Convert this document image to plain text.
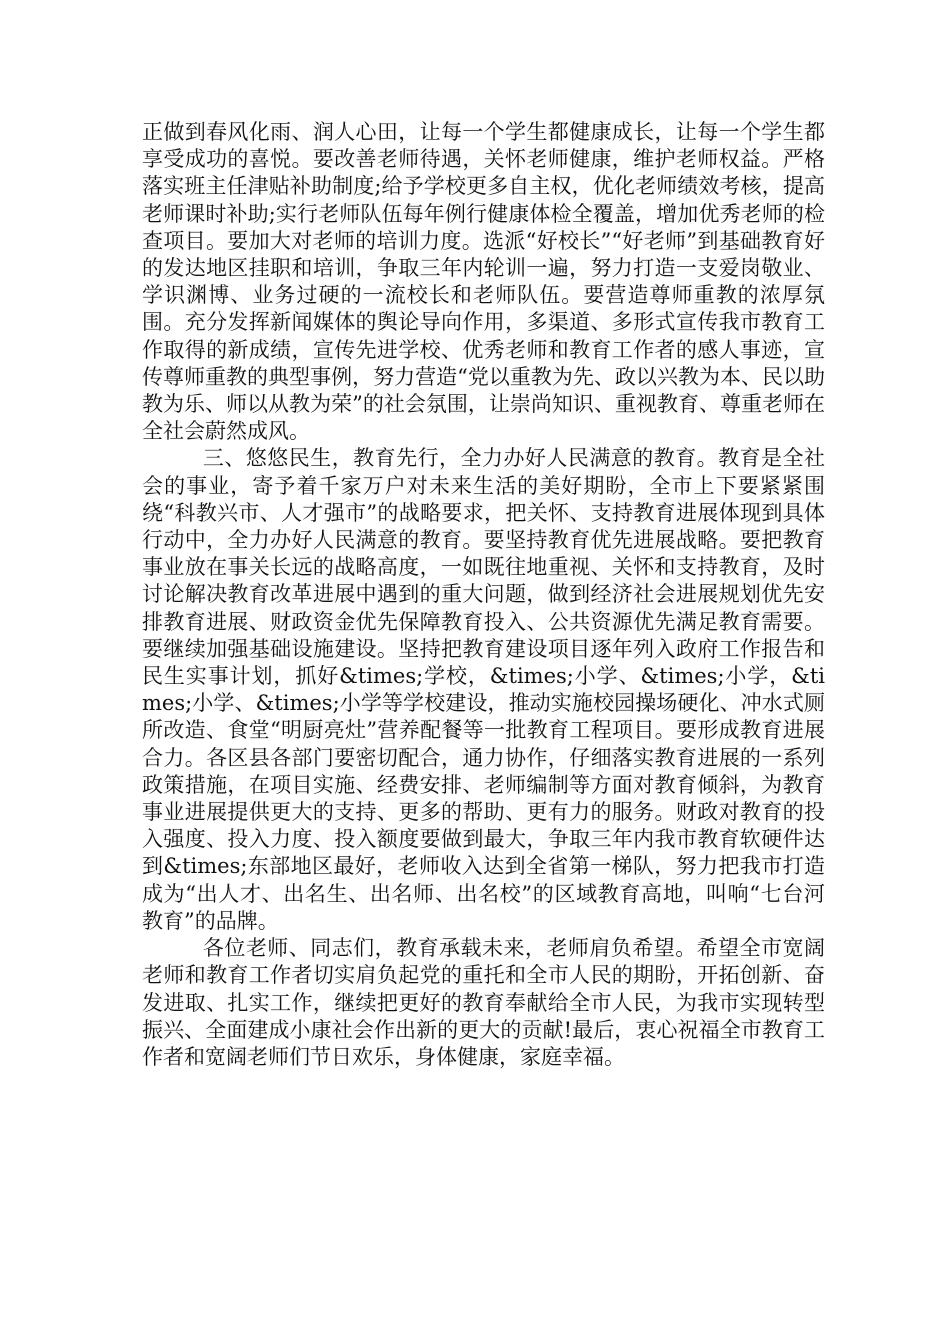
正做到春风化雨、润人心田，让每一个学生都健康成长，让每一个学生都享受成功的喜悦。要改善老师待遇，关怀老师健康，维护老师权益。严格落实班主任津贴补助制度;给予学校更多自主权，优化老师绩效考核，提高老师课时补助;实行老师队伍每年例行健康体检全覆盖，增加优秀老师的检查项目。要加大对老师的培训力度。选派“好校长”“好老师”到基础教育好的发达地区挂职和培训，争取三年内轮训一遍，努力打造一支爱岗敬业、学识渊博、业务过硬的一流校长和老师队伍。要营造尊师重教的浓厚氛围。充分发挥新闻媒体的舆论导向作用，多渠道、多形式宣传我市教育工作取得的新成绩，宣传先进学校、优秀老师和教育工作者的感人事迹，宣传尊师重教的典型事例，努力营造“党以重教为先、政以兴教为本、民以助教为乐、师以从教为荣”的社会氛围，让崇尚知识、重视教育、尊重老师在全社会蔚然成风。

三、悠悠民生，教育先行，全力办好人民满意的教育。教育是全社会的事业，寄予着千家万户对未来生活的美好期盼，全市上下要紧紧围绕“科教兴市、人才强市”的战略要求，把关怀、支持教育进展体现到具体行动中，全力办好人民满意的教育。要坚持教育优先进展战略。要把教育事业放在事关长远的战略高度，一如既往地重视、关怀和支持教育，及时讨论解决教育改革进展中遇到的重大问题，做到经济社会进展规划优先安排教育进展、财政资金优先保障教育投入、公共资源优先满足教育需要。要继续加强基础设施建设。坚持把教育建设项目逐年列入政府工作报告和民生实事计划，抓好&times;学校，&times;小学、&times;小学，&times;小学、&times;小学等学校建设，推动实施校园操场硬化、冲水式厕所改造、食堂“明厨亮灶”营养配餐等一批教育工程项目。要形成教育进展合力。各区县各部门要密切配合，通力协作，仔细落实教育进展的一系列政策措施，在项目实施、经费安排、老师编制等方面对教育倾斜，为教育事业进展提供更大的支持、更多的帮助、更有力的服务。财政对教育的投入强度、投入力度、投入额度要做到最大，争取三年内我市教育软硬件达到&times;东部地区最好，老师收入达到全省第一梯队，努力把我市打造成为“出人才、出名生、出名师、出名校”的区域教育高地，叫响“七台河教育”的品牌。

各位老师、同志们，教育承载未来，老师肩负希望。希望全市宽阔老师和教育工作者切实肩负起党的重托和全市人民的期盼，开拓创新、奋发进取、扎实工作，继续把更好的教育奉献给全市人民，为我市实现转型振兴、全面建成小康社会作出新的更大的贡献!最后，衷心祝福全市教育工作者和宽阔老师们节日欢乐，身体健康，家庭幸福。
